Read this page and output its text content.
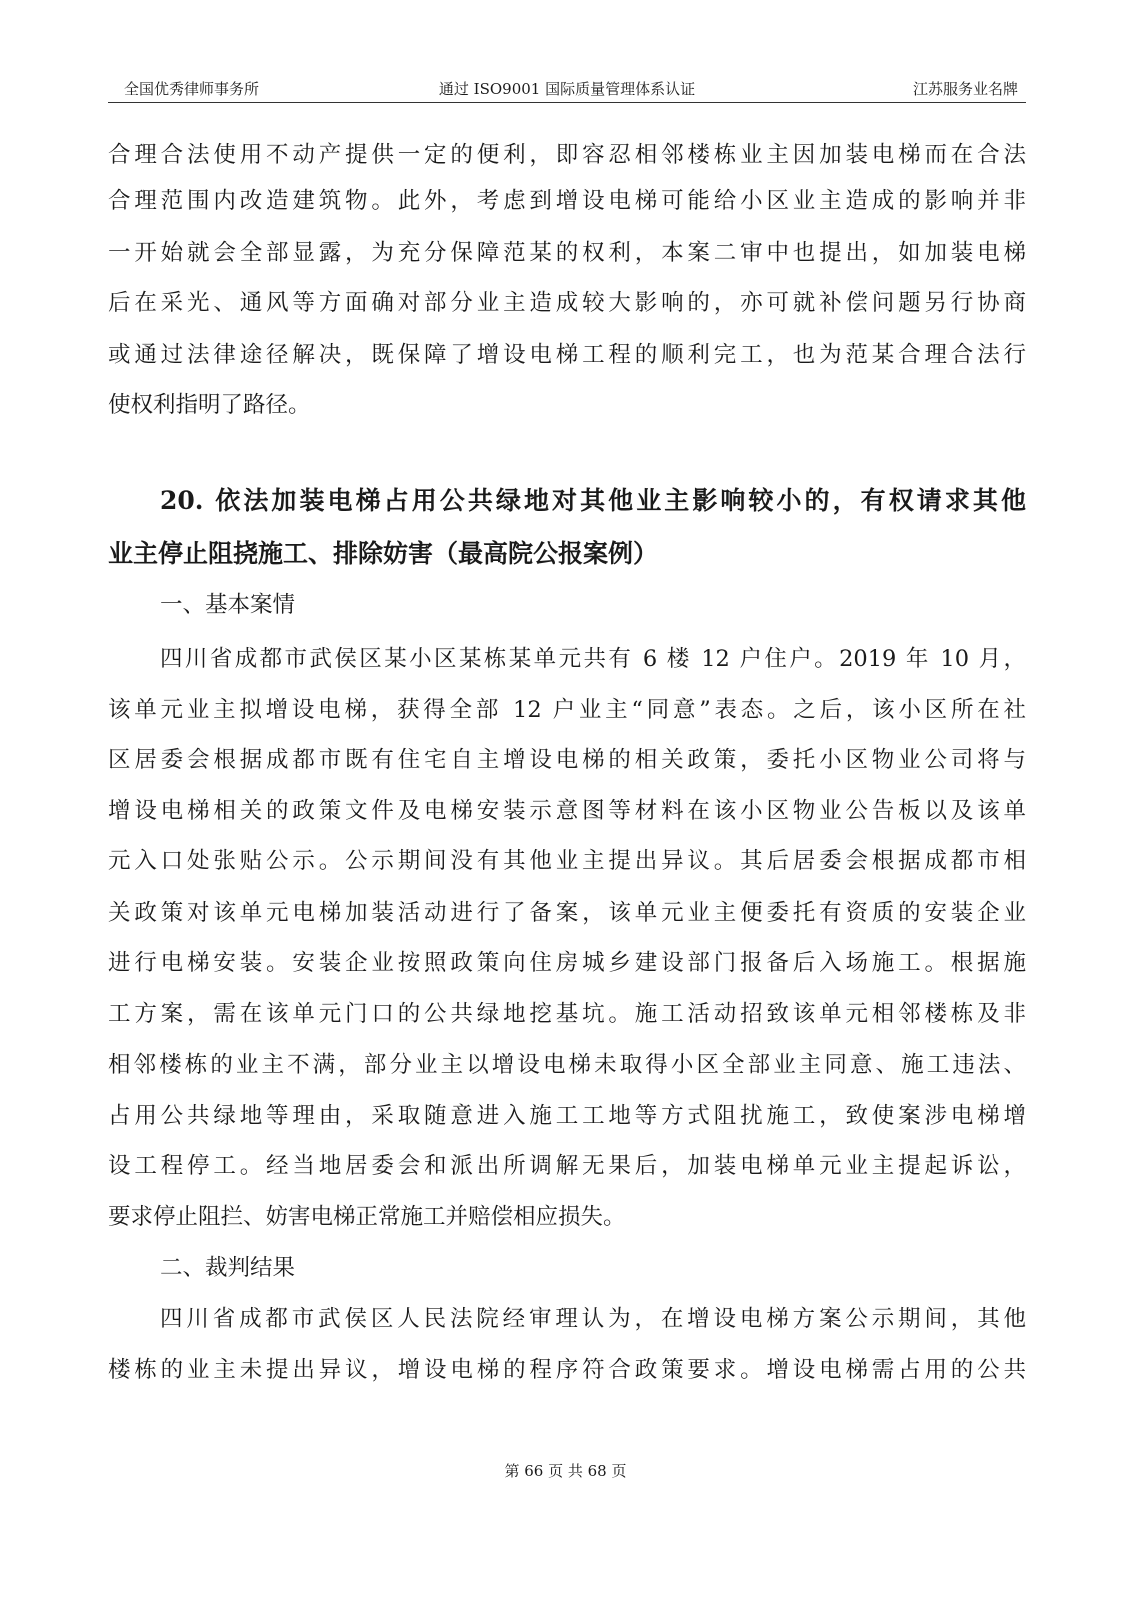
全国优秀律师事务所	通过 ISO9001 国际质量管理体系认证	江苏服务业名牌
合理合法使用不动产提供一定的便利，即容忍相邻楼栋业主因加装电梯而在合法
合理范围内改造建筑物。此外，考虑到增设电梯可能给小区业主造成的影响并非
一开始就会全部显露，为充分保障范某的权利，本案二审中也提出，如加装电梯
后在采光、通风等方面确对部分业主造成较大影响的，亦可就补偿问题另行协商
或通过法律途径解决，既保障了增设电梯工程的顺利完工，也为范某合理合法行
使权利指明了路径。
20. 依法加装电梯占用公共绿地对其他业主影响较小的，有权请求其他
业主停止阻挠施工、排除妨害（最高院公报案例）
一、基本案情
四川省成都市武侯区某小区某栋某单元共有 6 楼 12 户住户。2019 年 10 月，
该单元业主拟增设电梯，获得全部 12 户业主“同意”表态。之后，该小区所在社
区居委会根据成都市既有住宅自主增设电梯的相关政策，委托小区物业公司将与
增设电梯相关的政策文件及电梯安装示意图等材料在该小区物业公告板以及该单
元入口处张贴公示。公示期间没有其他业主提出异议。其后居委会根据成都市相
关政策对该单元电梯加装活动进行了备案，该单元业主便委托有资质的安装企业
进行电梯安装。安装企业按照政策向住房城乡建设部门报备后入场施工。根据施
工方案，需在该单元门口的公共绿地挖基坑。施工活动招致该单元相邻楼栋及非
相邻楼栋的业主不满，部分业主以增设电梯未取得小区全部业主同意、施工违法、
占用公共绿地等理由，采取随意进入施工工地等方式阻扰施工，致使案涉电梯增
设工程停工。经当地居委会和派出所调解无果后，加装电梯单元业主提起诉讼，
要求停止阻拦、妨害电梯正常施工并赔偿相应损失。
二、裁判结果
四川省成都市武侯区人民法院经审理认为，在增设电梯方案公示期间，其他
楼栋的业主未提出异议，增设电梯的程序符合政策要求。增设电梯需占用的公共
第 66 页 共 68 页
